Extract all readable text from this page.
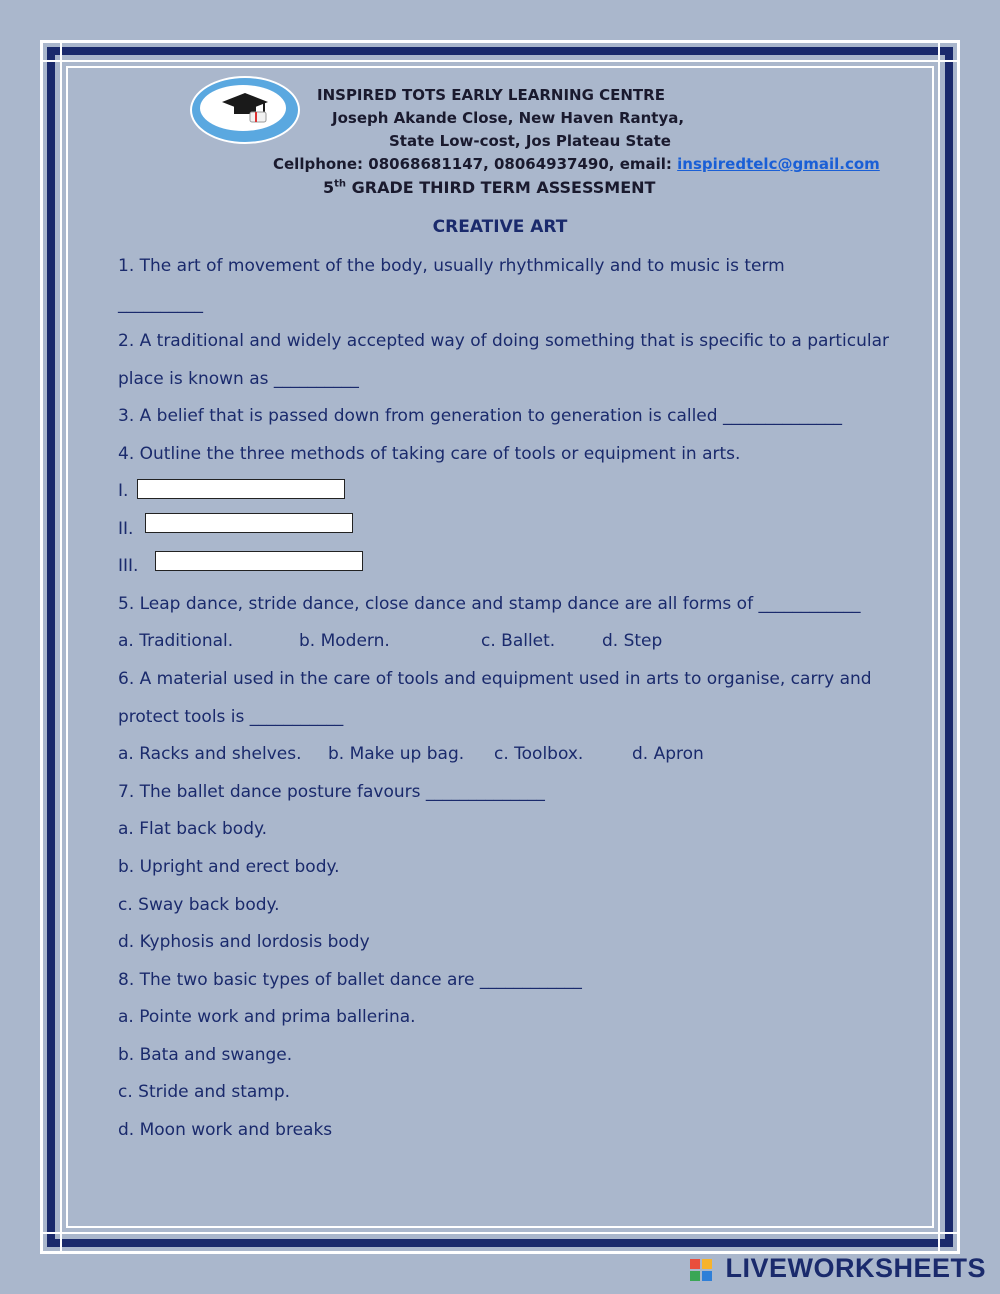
INSPIRED TOTS EARLY LEARNING CENTRE
Joseph Akande Close, New Haven Rantya,
State Low-cost, Jos Plateau State
Cellphone: 08068681147, 08064937490, email: inspiredtelc@gmail.com
5th GRADE THIRD TERM ASSESSMENT
CREATIVE ART
1. The art of movement of the body, usually rhythmically and to music is term
__________
2. A traditional and widely accepted way of doing something that is specific to a particular
place is known as __________
3. A belief that is passed down from generation to generation is called ______________
4. Outline the three methods of taking care of tools or equipment in arts.
I.
II.
III.
5. Leap dance, stride dance, close dance and stamp dance are all forms of ____________
a. Traditional.	b. Modern.	c. Ballet.	d. Step
6. A material used in the care of tools and equipment used in arts to organise, carry and
protect tools is ___________
a. Racks and shelves. b. Make up bag. c. Toolbox.	d. Apron
7. The ballet dance posture favours ______________
a. Flat back body.
b. Upright and erect body.
c. Sway back body.
d. Kyphosis and lordosis body
8. The two basic types of ballet dance are ____________
a. Pointe work and prima ballerina.
b. Bata and swange.
c. Stride and stamp.
d. Moon work and breaks
LIVEWORKSHEETS
